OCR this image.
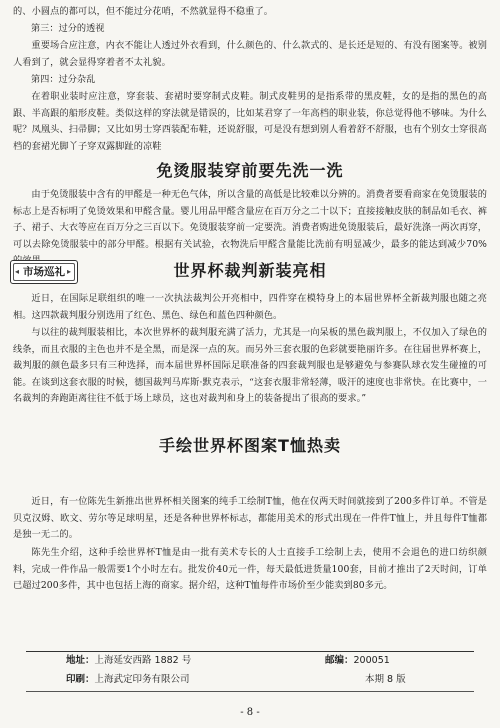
的、小圆点的都可以，但不能过分花哨，不然就显得不稳重了。

第三：过分的透视

重要场合应注意，内衣不能让人透过外衣看到，什么颜色的、什么款式的、是长还是短的、有没有图案等。被别人看到了，就会显得穿着者不太礼貌。

第四：过分杂乱

在着职业装时应注意，穿套装、套裙时要穿制式皮鞋。制式皮鞋男的是指系带的黑皮鞋，女的是指的黑色的高跟、半高跟的船形皮鞋。类似这样的穿法就是错误的，比如某君穿了一年高档的职业装，你总觉得他不够味。为什么呢？凤凰头、扫帚脚；又比如男士穿西装配布鞋，还说舒服，可是没有想到别人看着舒不舒服，也有个别女士穿很高档的套裙光脚丫子穿双露脚趾的凉鞋

免烫服装穿前要先洗一洗

由于免烫服装中含有的甲醛是一种无色气体，所以含量的高低是比较难以分辨的。消费者要看商家在免烫服装的标志上是否标明了免烫效果和甲醛含量。婴儿用品甲醛含量应在百万分之二十以下；直接接触皮肤的制品如毛衣、裤子、裙子、大衣等应在百万分之三百以下。免烫服装穿前一定要洗。消费者购进免烫服装后，最好洗涤一两次再穿，可以去除免烫服装中的部分甲醛。根据有关试验，衣物洗后甲醛含量能比洗前有明显减少，最多的能达到减少70%

◂ 市场巡礼 ▸	世界杯裁判新装亮相

近日，在国际足联组织的唯一一次执法裁判公开亮相中，四件穿在模特身上的本届世界杯全新裁判服也随之亮相。这四款裁判服分别选用了红色、黑色、绿色和蓝色四种颜色。

与以往的裁判服装相比，本次世界杯的裁判服充满了活力，尤其是一向呆板的黑色裁判服上，不仅加入了绿色的线条，而且衣服的主色也并不是全黑，而是深一点的灰。而另外三套衣服的色彩就要艳丽许多。在往届世界杯赛上，裁判服的颜色最多只有三种选择，而本届世界杯国际足联准备的四套裁判服也是够避免与参赛队球衣发生碰撞的可能。在谈到这套衣服的时候，德国裁判马库斯·默克表示，“这套衣服非常轻薄，吸汗的速度也非常快。在比赛中，一名裁判的奔跑距离往往不低于场上球员，这也对裁判和身上的装备提出了很高的要求。”

手绘世界杯图案T恤热卖

近日，有一位陈先生新推出世界杯相关图案的纯手工绘制T恤，他在仅两天时间就接到了200多件订单。不管是贝克汉姆、欧文、劳尔等足球明星，还是各种世界杯标志，都能用美术的形式出现在一件件T恤上，并且每件T恤都是独一无二的。

陈先生介绍，这种手绘世界杯T恤是由一批有美术专长的人士直接手工绘制上去，使用不会退色的进口纺织颜料，完成一件作品一般需要1个小时左右。批发价40元一件，每天最低进货量100套，目前才推出了2天时间，订单已超过200多件，其中也包括上海的商家。据介绍，这种T恤每件市场价至少能卖到80多元。

地址：上海延安西路 1882 号	邮编：200051
印刷：上海武定印务有限公司	本期 8 版
- 8 -
